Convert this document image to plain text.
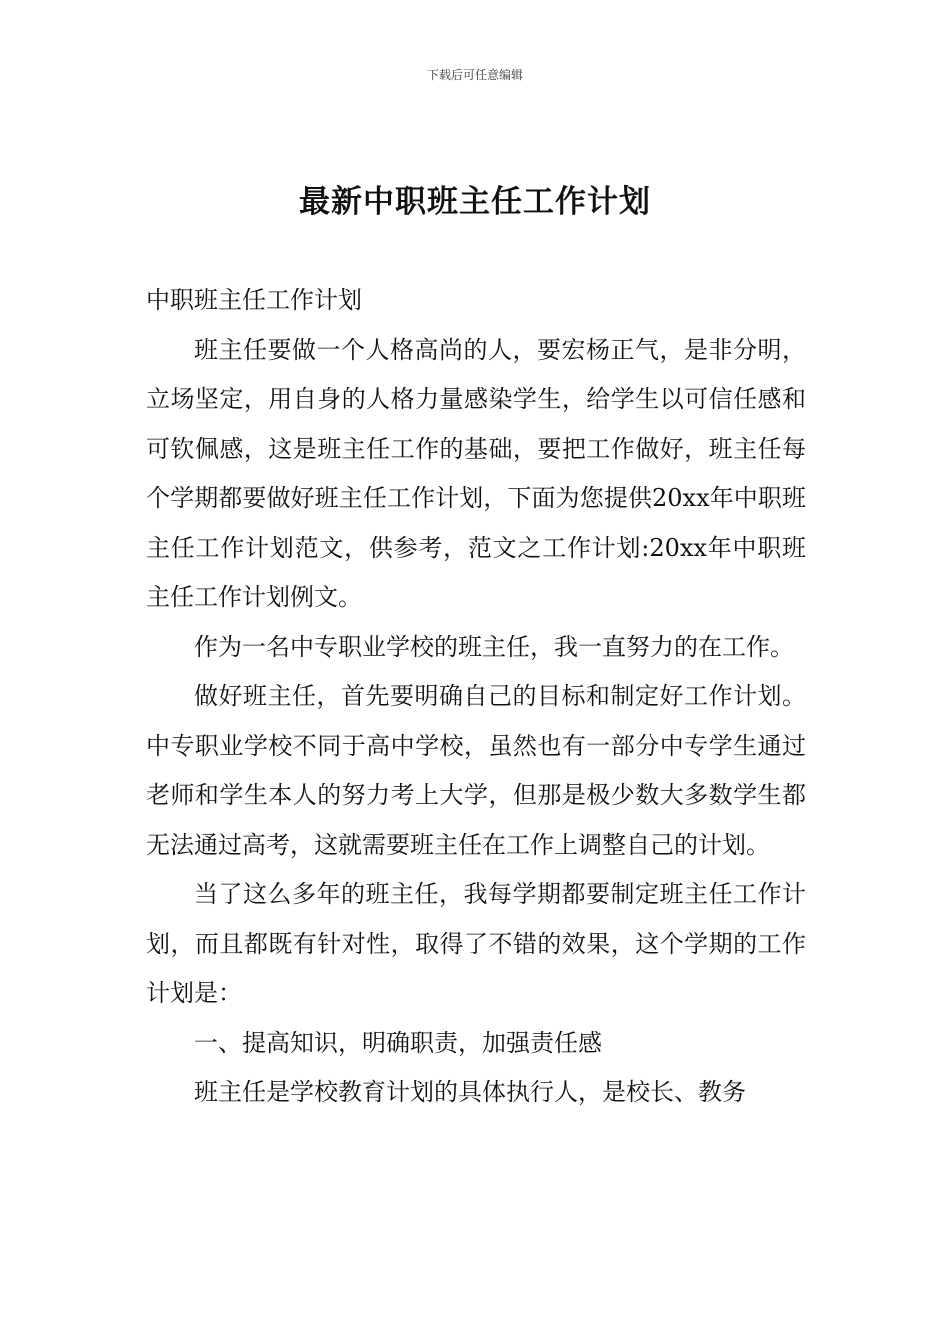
下载后可任意编辑
最新中职班主任工作计划

中职班主任工作计划

班主任要做一个人格高尚的人，要宏杨正气，是非分明，立场坚定，用自身的人格力量感染学生，给学生以可信任感和可钦佩感，这是班主任工作的基础，要把工作做好，班主任每个学期都要做好班主任工作计划，下面为您提供20xx年中职班主任工作计划范文，供参考，范文之工作计划:20xx年中职班主任工作计划例文。

作为一名中专职业学校的班主任，我一直努力的在工作。

做好班主任，首先要明确自己的目标和制定好工作计划。中专职业学校不同于高中学校，虽然也有一部分中专学生通过老师和学生本人的努力考上大学，但那是极少数大多数学生都无法通过高考，这就需要班主任在工作上调整自己的计划。

当了这么多年的班主任，我每学期都要制定班主任工作计划，而且都既有针对性，取得了不错的效果，这个学期的工作计划是：

一、提高知识，明确职责，加强责任感

班主任是学校教育计划的具体执行人，是校长、教务
